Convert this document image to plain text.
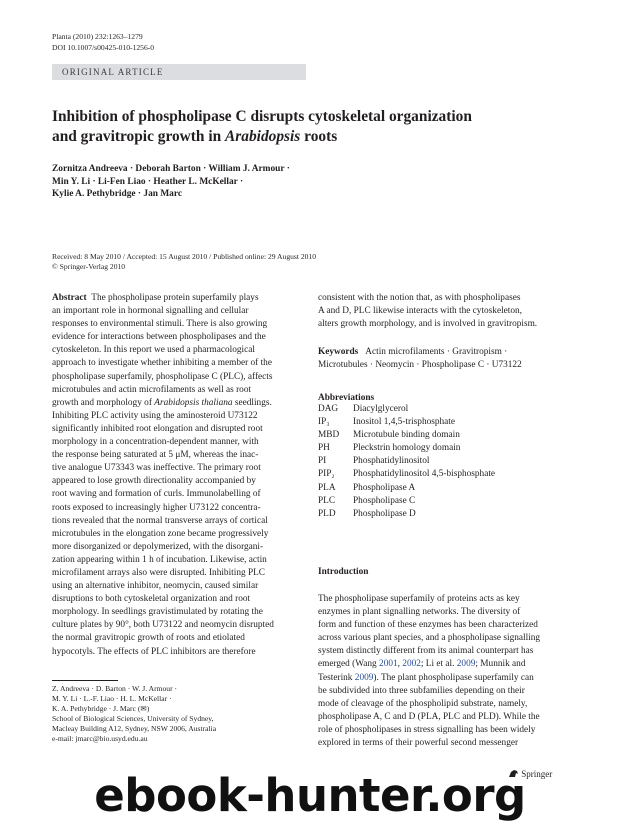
Planta (2010) 232:1263–1279
DOI 10.1007/s00425-010-1256-0
ORIGINAL ARTICLE
Inhibition of phospholipase C disrupts cytoskeletal organization
and gravitropic growth in Arabidopsis roots
Zornitza Andreeva · Deborah Barton · William J. Armour ·
Min Y. Li · Li-Fen Liao · Heather L. McKellar ·
Kylie A. Pethybridge · Jan Marc
Received: 8 May 2010 / Accepted: 15 August 2010 / Published online: 29 August 2010
© Springer-Verlag 2010
Abstract The phospholipase protein superfamily plays
an important role in hormonal signalling and cellular
responses to environmental stimuli. There is also growing
evidence for interactions between phospholipases and the
cytoskeleton. In this report we used a pharmacological
approach to investigate whether inhibiting a member of the
phospholipase superfamily, phospholipase C (PLC), affects
microtubules and actin microfilaments as well as root
growth and morphology of Arabidopsis thaliana seedlings.
Inhibiting PLC activity using the aminosteroid U73122
significantly inhibited root elongation and disrupted root
morphology in a concentration-dependent manner, with
the response being saturated at 5 μM, whereas the inac-
tive analogue U73343 was ineffective. The primary root
appeared to lose growth directionality accompanied by
root waving and formation of curls. Immunolabelling of
roots exposed to increasingly higher U73122 concentra-
tions revealed that the normal transverse arrays of cortical
microtubules in the elongation zone became progressively
more disorganized or depolymerized, with the disorgani-
zation appearing within 1 h of incubation. Likewise, actin
microfilament arrays also were disrupted. Inhibiting PLC
using an alternative inhibitor, neomycin, caused similar
disruptions to both cytoskeletal organization and root
morphology. In seedlings gravistimulated by rotating the
culture plates by 90°, both U73122 and neomycin disrupted
the normal gravitropic growth of roots and etiolated
hypocotyls. The effects of PLC inhibitors are therefore
consistent with the notion that, as with phospholipases
A and D, PLC likewise interacts with the cytoskeleton,
alters growth morphology, and is involved in gravitropism.
Keywords Actin microfilaments · Gravitropism ·
Microtubules · Neomycin · Phospholipase C · U73122
Abbreviations
DAG	Diacylglycerol
IP₃	Inositol 1,4,5-trisphosphate
MBD	Microtubule binding domain
PH	Pleckstrin homology domain
PI	Phosphatidylinositol
PIP₂	Phosphatidylinositol 4,5-bisphosphate
PLA	Phospholipase A
PLC	Phospholipase C
PLD	Phospholipase D
Introduction
The phospholipase superfamily of proteins acts as key
enzymes in plant signalling networks. The diversity of
form and function of these enzymes has been characterized
across various plant species, and a phospholipase signalling
system distinctly different from its animal counterpart has
emerged (Wang 2001, 2002; Li et al. 2009; Munnik and
Testerink 2009). The plant phospholipase superfamily can
be subdivided into three subfamilies depending on their
mode of cleavage of the phospholipid substrate, namely,
phospholipase A, C and D (PLA, PLC and PLD). While the
role of phospholipases in stress signalling has been widely
explored in terms of their powerful second messenger
Z. Andreeva · D. Barton · W. J. Armour ·
M. Y. Li · L.-F. Liao · H. L. McKellar ·
K. A. Pethybridge · J. Marc (✉)
School of Biological Sciences, University of Sydney,
Macleay Building A12, Sydney, NSW 2006, Australia
e-mail: jmarc@bio.usyd.edu.au
Springer
ebook-hunter.org
